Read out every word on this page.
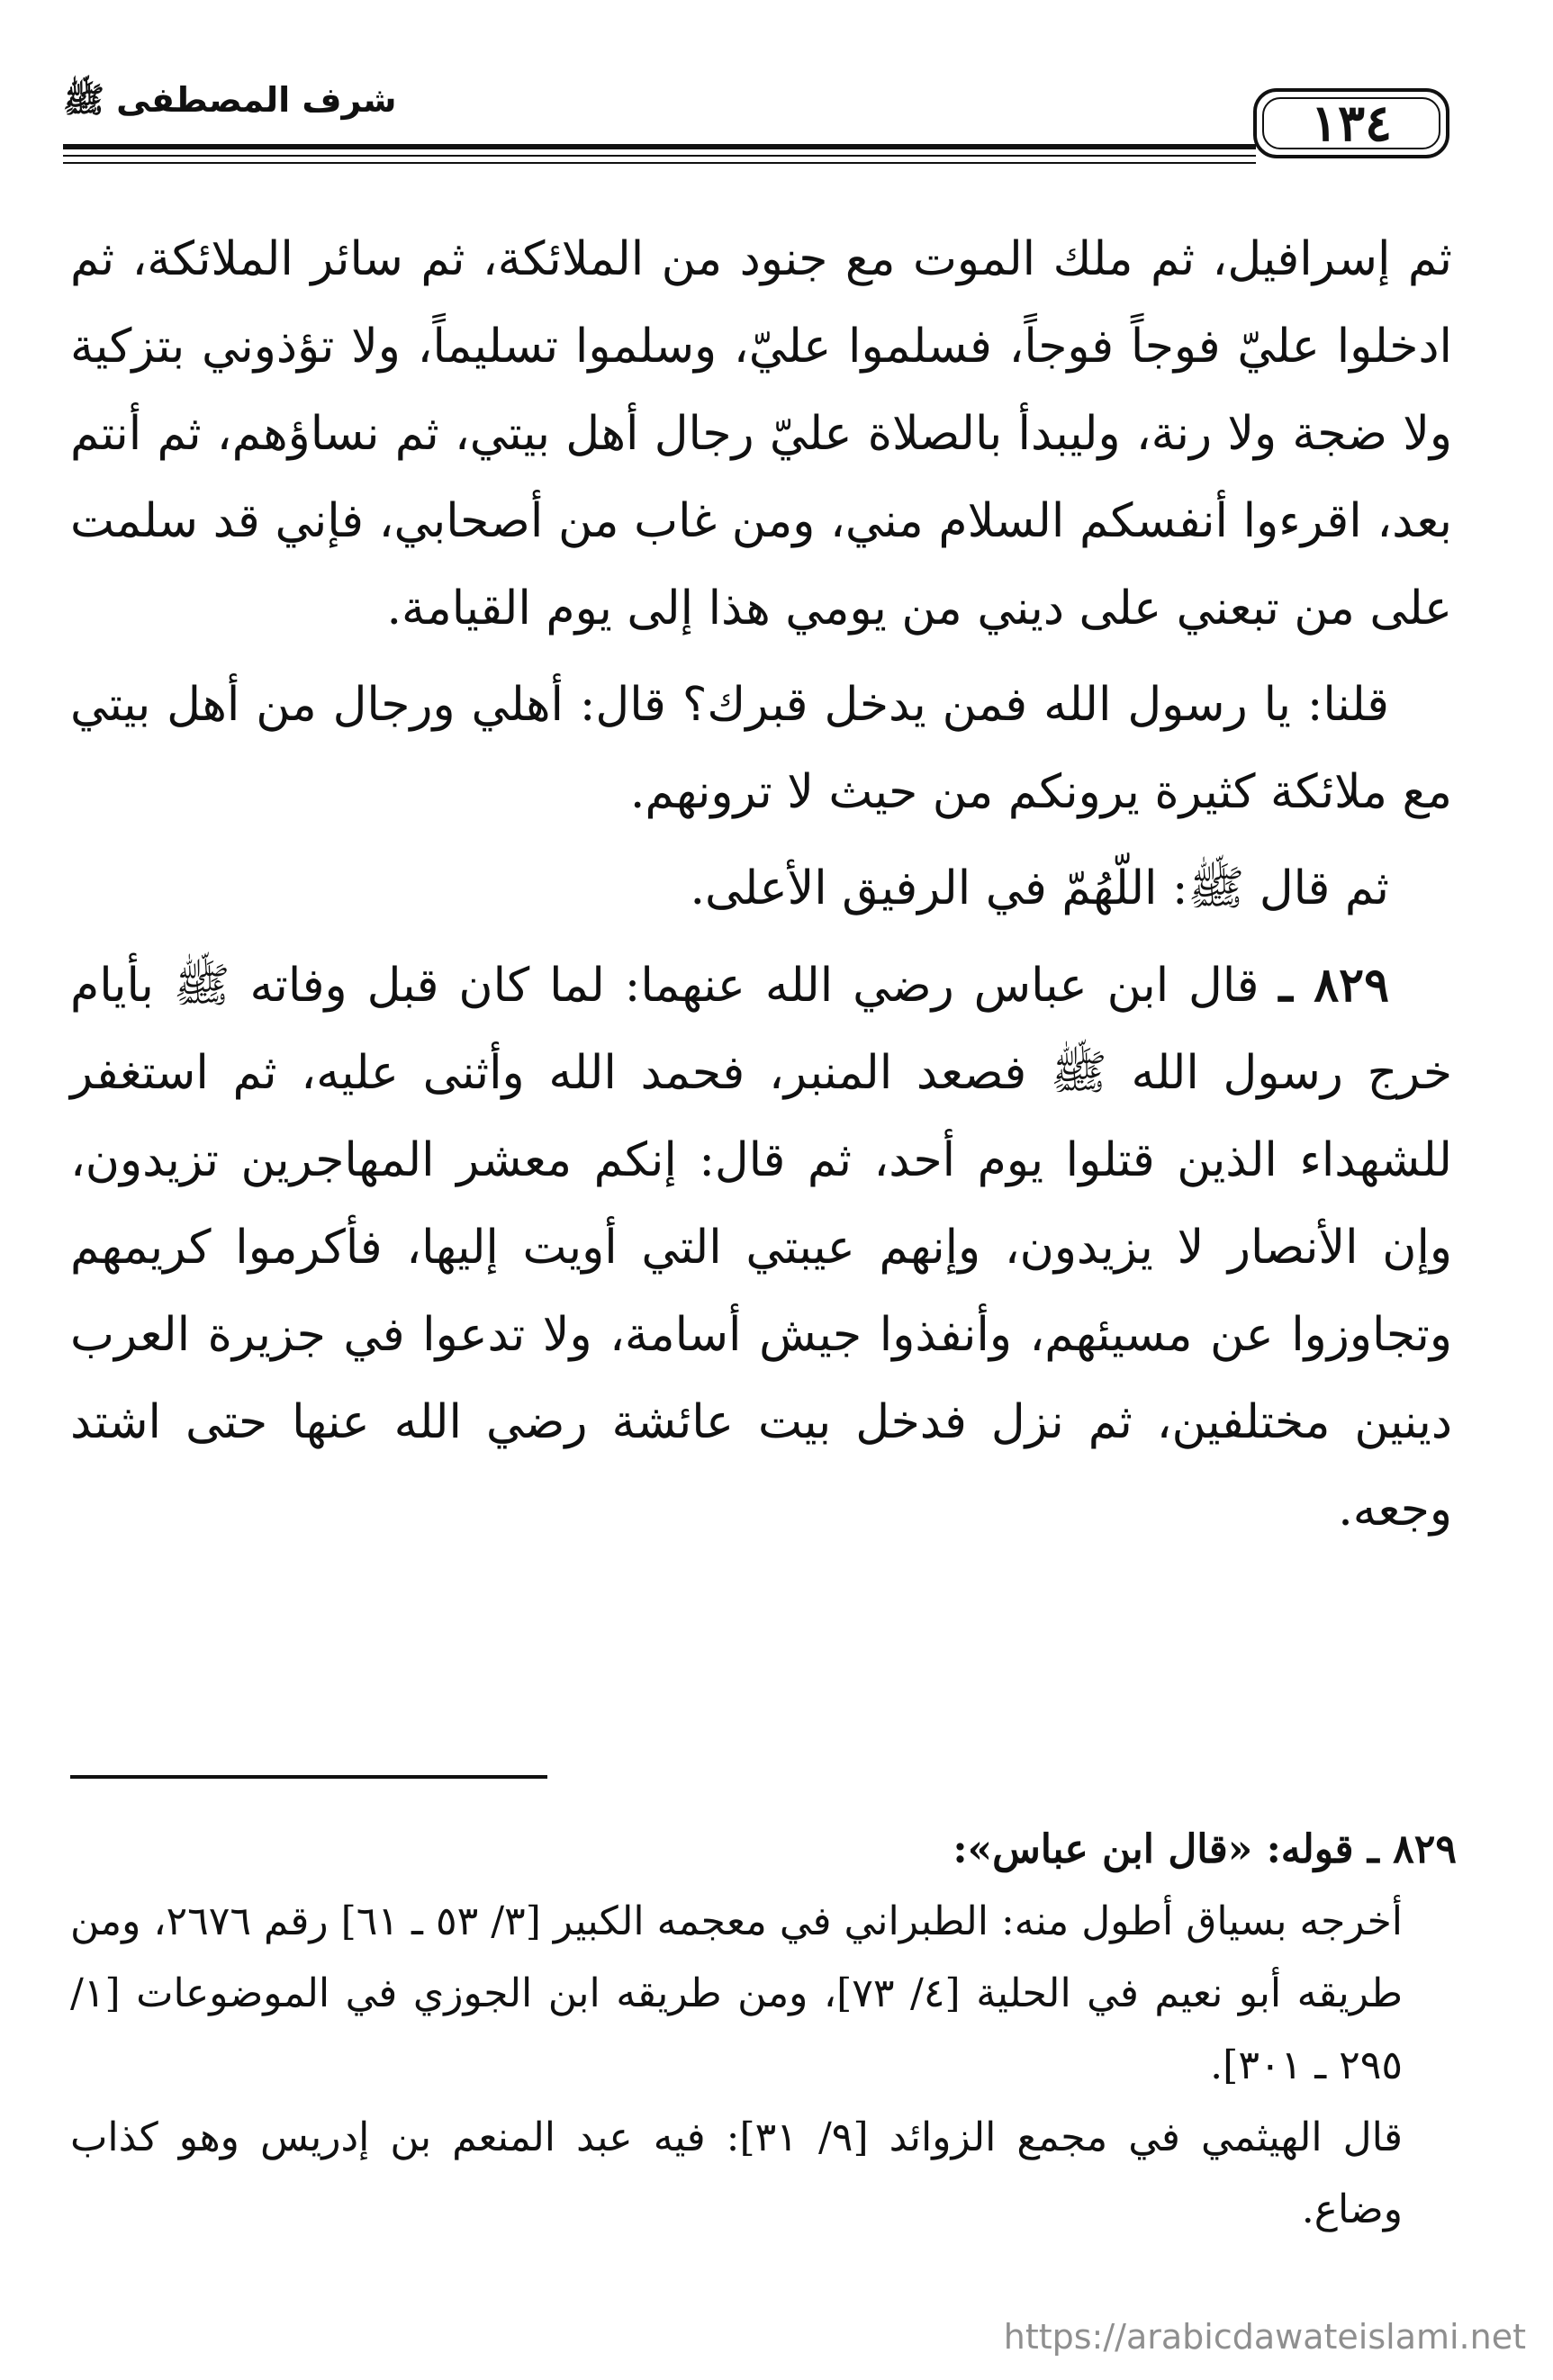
شرف المصطفى ﷺ	١٣٤

ثم إسرافيل، ثم ملك الموت مع جنود من الملائكة، ثم سائر الملائكة، ثم ادخلوا عليّ فوجاً فوجاً، فسلموا عليّ، وسلموا تسليماً، ولا تؤذوني بتزكية ولا ضجة ولا رنة، وليبدأ بالصلاة عليّ رجال أهل بيتي، ثم نساؤهم، ثم أنتم بعد، اقرءوا أنفسكم السلام مني، ومن غاب من أصحابي، فإني قد سلمت على من تبعني على ديني من يومي هذا إلى يوم القيامة.

قلنا: يا رسول الله فمن يدخل قبرك؟ قال: أهلي ورجال من أهل بيتي مع ملائكة كثيرة يرونكم من حيث لا ترونهم.

ثم قال ﷺ: اللّهُمّ في الرفيق الأعلى.

٨٢٩ ـ قال ابن عباس رضي الله عنهما: لما كان قبل وفاته ﷺ بأيام خرج رسول الله ﷺ فصعد المنبر، فحمد الله وأثنى عليه، ثم استغفر للشهداء الذين قتلوا يوم أحد، ثم قال: إنكم معشر المهاجرين تزيدون، وإن الأنصار لا يزيدون، وإنهم عيبتي التي أويت إليها، فأكرموا كريمهم وتجاوزوا عن مسيئهم، وأنفذوا جيش أسامة، ولا تدعوا في جزيرة العرب دينين مختلفين، ثم نزل فدخل بيت عائشة رضي الله عنها حتى اشتد وجعه.

٨٢٩ ـ قوله: «قال ابن عباس»:

أخرجه بسياق أطول منه: الطبراني في معجمه الكبير [٣/ ٥٣ ـ ٦١] رقم ٢٦٧٦، ومن طريقه أبو نعيم في الحلية [٤/ ٧٣]، ومن طريقه ابن الجوزي في الموضوعات [١/ ٢٩٥ ـ ٣٠١].

قال الهيثمي في مجمع الزوائد [٩/ ٣١]: فيه عبد المنعم بن إدريس وهو كذاب وضاع.

https://arabicdawateislami.net
